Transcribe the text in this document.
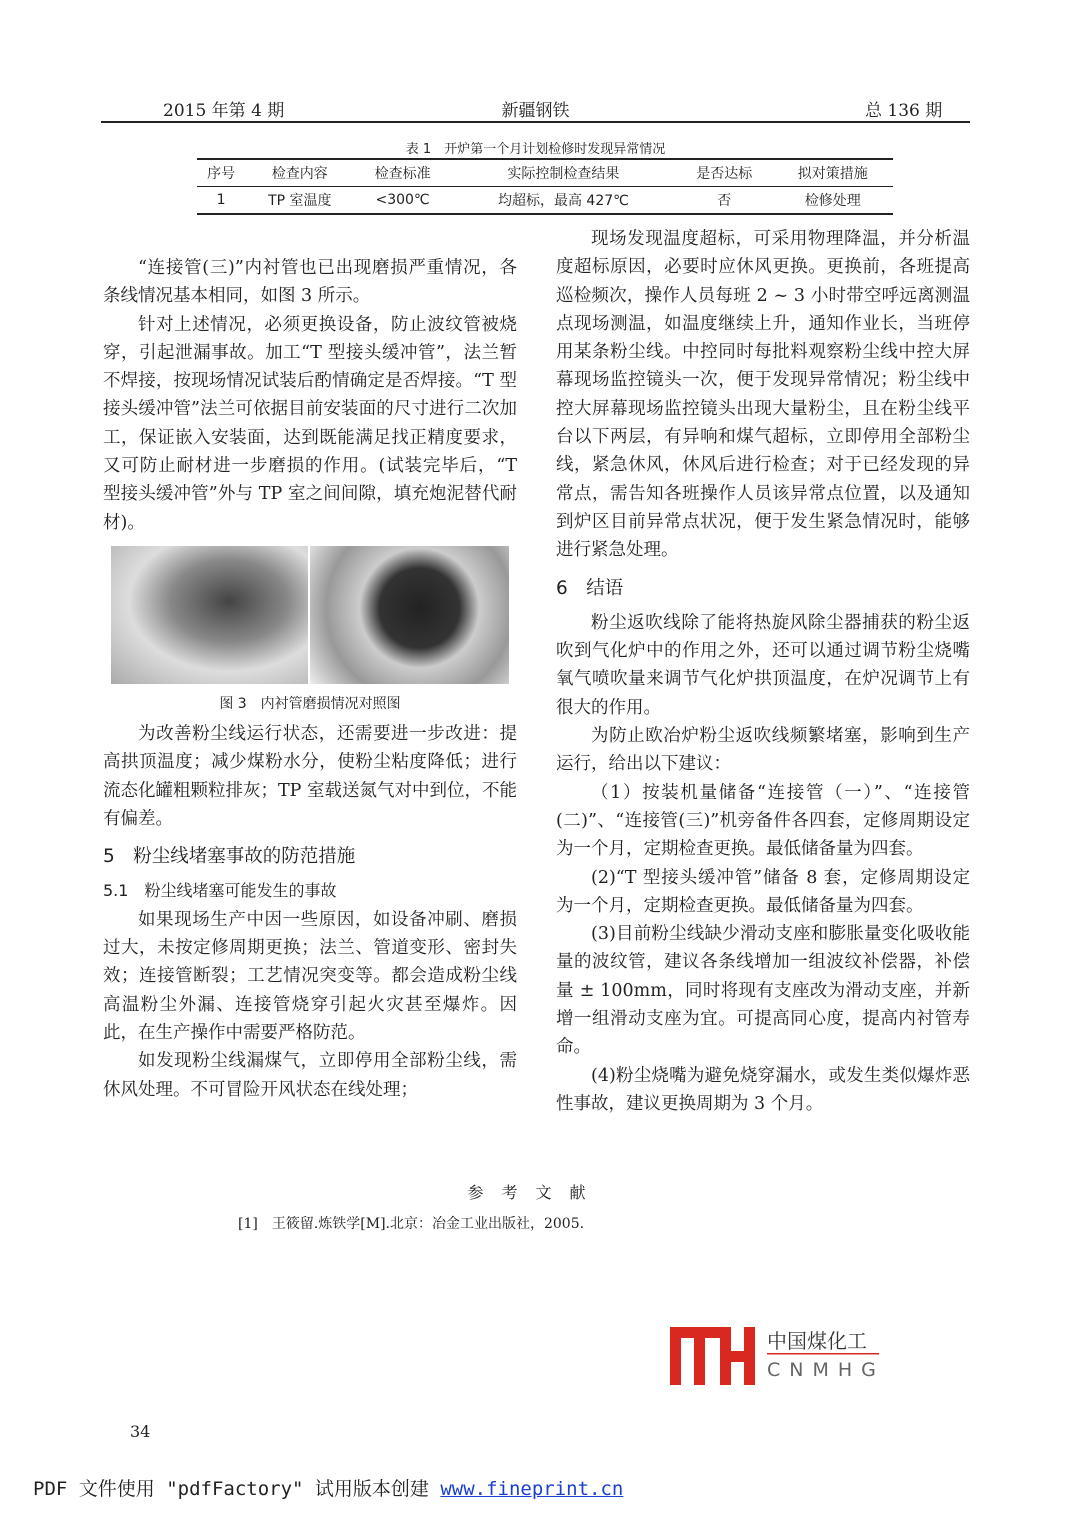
2015 年第 4 期	新疆钢铁	总 136 期
表 1　开炉第一个月计划检修时发现异常情况
序号	检查内容	检查标准	实际控制检查结果	是否达标	拟对策措施
1	TP 室温度	<300℃	均超标，最高 427℃	否	检修处理

“连接管(三)”内衬管也已出现磨损严重情况，各条线情况基本相同，如图 3 所示。

针对上述情况，必须更换设备，防止波纹管被烧穿，引起泄漏事故。加工“T 型接头缓冲管”，法兰暂不焊接，按现场情况试装后酌情确定是否焊接。“T 型接头缓冲管”法兰可依据目前安装面的尺寸进行二次加工，保证嵌入安装面，达到既能满足找正精度要求，又可防止耐材进一步磨损的作用。(试装完毕后，“T 型接头缓冲管”外与 TP 室之间间隙，填充炮泥替代耐材)。

图 3　内衬管磨损情况对照图

为改善粉尘线运行状态，还需要进一步改进：提高拱顶温度；减少煤粉水分，使粉尘粘度降低；进行流态化罐粗颗粒排灰；TP 室载送氮气对中到位，不能有偏差。

5　粉尘线堵塞事故的防范措施

5.1　粉尘线堵塞可能发生的事故

如果现场生产中因一些原因，如设备冲刷、磨损过大，未按定修周期更换；法兰、管道变形、密封失效；连接管断裂；工艺情况突变等。都会造成粉尘线高温粉尘外漏、连接管烧穿引起火灾甚至爆炸。因此，在生产操作中需要严格防范。

如发现粉尘线漏煤气，立即停用全部粉尘线，需休风处理。不可冒险开风状态在线处理；

现场发现温度超标，可采用物理降温，并分析温度超标原因，必要时应休风更换。更换前，各班提高巡检频次，操作人员每班 2 ~ 3 小时带空呼远离测温点现场测温，如温度继续上升，通知作业长，当班停用某条粉尘线。中控同时每批料观察粉尘线中控大屏幕现场监控镜头一次，便于发现异常情况；粉尘线中控大屏幕现场监控镜头出现大量粉尘，且在粉尘线平台以下两层，有异响和煤气超标，立即停用全部粉尘线，紧急休风，休风后进行检查；对于已经发现的异常点，需告知各班操作人员该异常点位置，以及通知到炉区目前异常点状况，便于发生紧急情况时，能够进行紧急处理。

6　结语

粉尘返吹线除了能将热旋风除尘器捕获的粉尘返吹到气化炉中的作用之外，还可以通过调节粉尘烧嘴氧气喷吹量来调节气化炉拱顶温度，在炉况调节上有很大的作用。

为防止欧冶炉粉尘返吹线频繁堵塞，影响到生产运行，给出以下建议：

（1）按装机量储备“连接管（一）”、“连接管(二)”、“连接管(三)”机旁备件各四套，定修周期设定为一个月，定期检查更换。最低储备量为四套。

(2)“T 型接头缓冲管”储备 8 套，定修周期设定为一个月，定期检查更换。最低储备量为四套。

(3)目前粉尘线缺少滑动支座和膨胀量变化吸收能量的波纹管，建议各条线增加一组波纹补偿器，补偿量 ± 100mm，同时将现有支座改为滑动支座，并新增一组滑动支座为宜。可提高同心度，提高内衬管寿命。

(4)粉尘烧嘴为避免烧穿漏水，或发生类似爆炸恶性事故，建议更换周期为 3 个月。

参考文献
[1]　王筱留.炼铁学[M].北京：冶金工业出版社，2005.
中国煤化工
CNMHG
34
PDF 文件使用 "pdfFactory" 试用版本创建 www.fineprint.cn
